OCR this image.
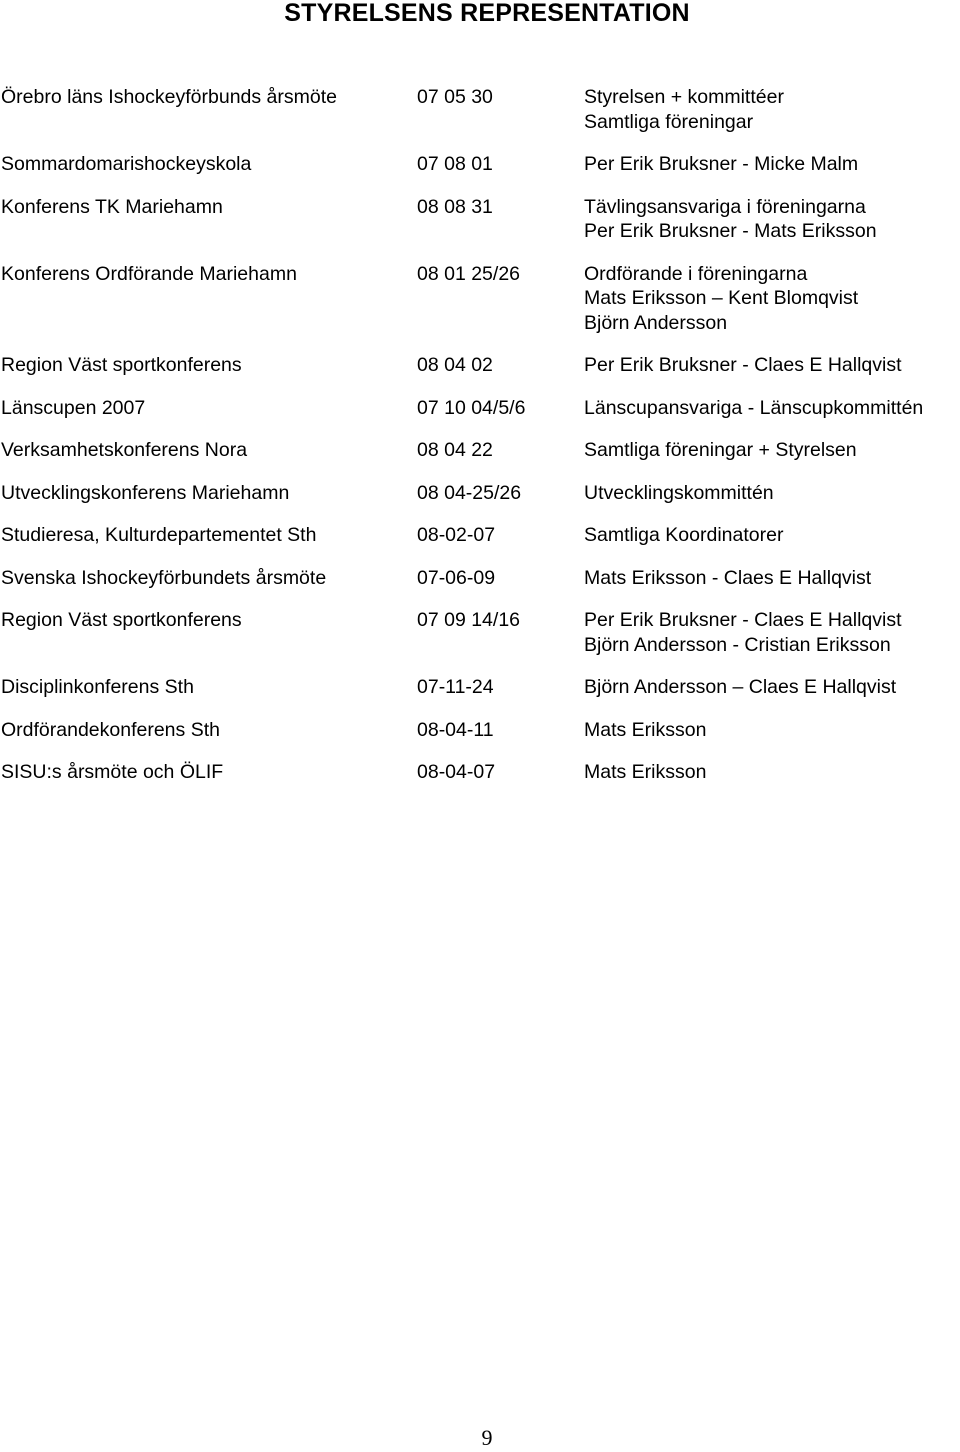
STYRELSENS REPRESENTATION
Örebro läns Ishockeyförbunds årsmöte	07 05 30	Styrelsen + kommittéer
Samtliga föreningar
Sommardomarishockeyskola	07 08 01	Per Erik Bruksner - Micke Malm
Konferens TK Mariehamn	08 08 31	Tävlingsansvariga i föreningarna
Per Erik Bruksner - Mats Eriksson
Konferens Ordförande Mariehamn	08 01 25/26	Ordförande i föreningarna
Mats Eriksson – Kent Blomqvist
Björn Andersson
Region Väst sportkonferens	08 04 02	Per Erik Bruksner - Claes E Hallqvist
Länscupen 2007	07 10 04/5/6	Länscupansvariga - Länscupkommittén
Verksamhetskonferens Nora	08 04 22	Samtliga föreningar + Styrelsen
Utvecklingskonferens Mariehamn	08 04-25/26	Utvecklingskommittén
Studieresa, Kulturdepartementet Sth	08-02-07	Samtliga Koordinatorer
Svenska Ishockeyförbundets årsmöte	07-06-09	Mats Eriksson - Claes E Hallqvist
Region Väst sportkonferens	07 09 14/16	Per Erik Bruksner - Claes E Hallqvist
Björn Andersson - Cristian Eriksson
Disciplinkonferens Sth	07-11-24	Björn Andersson – Claes E Hallqvist
Ordförandekonferens Sth	08-04-11	Mats Eriksson
SISU:s årsmöte och ÖLIF	08-04-07	Mats Eriksson
9
